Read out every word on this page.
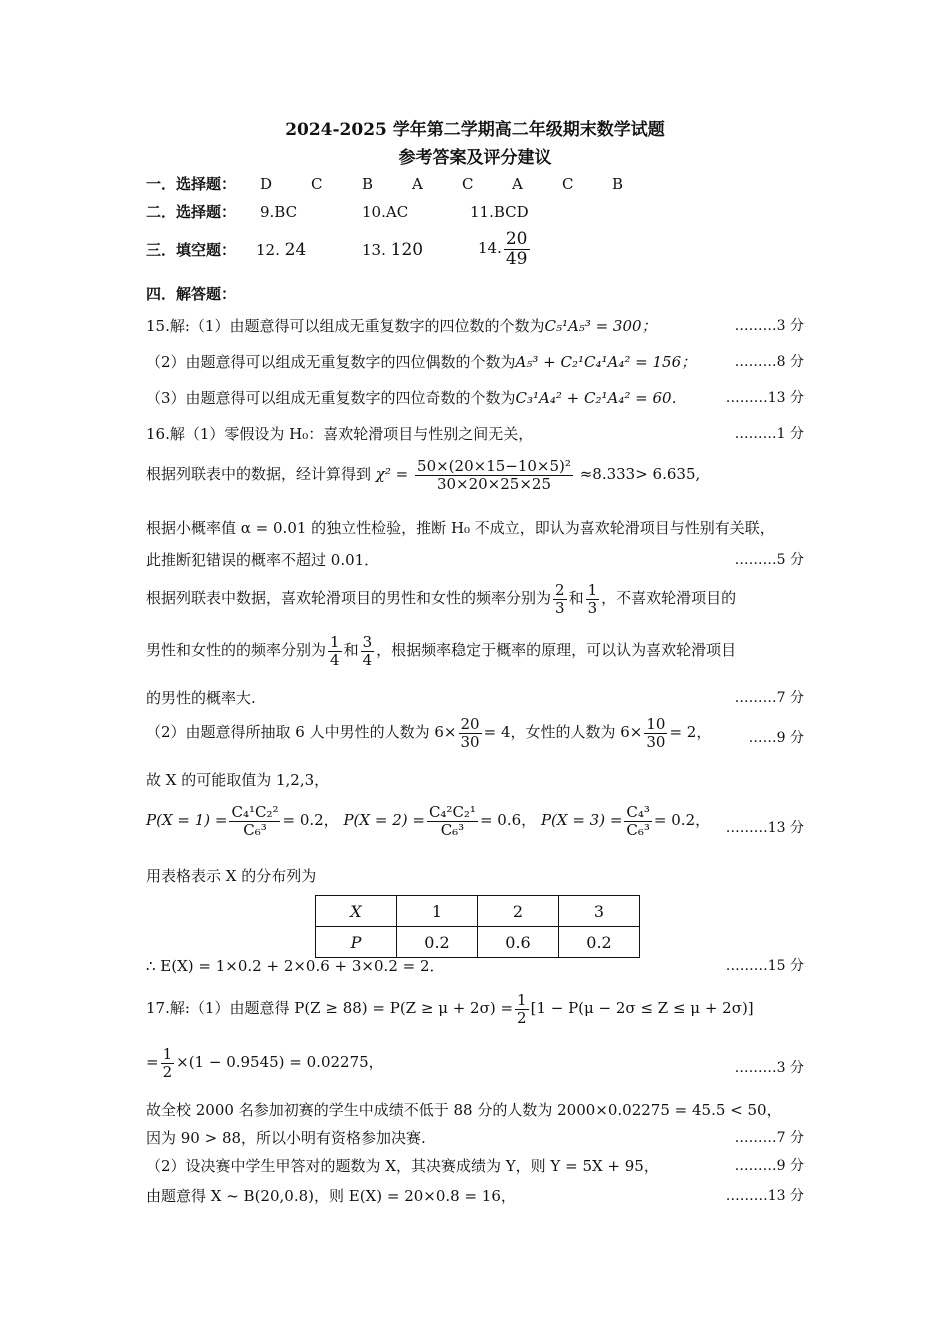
2024-2025 学年第二学期高二年级期末数学试题
参考答案及评分建议
一．选择题： D	C	B	A	C	A	C	B
二．选择题： 9.BC	10.AC	11.BCD
三．填空题： 12. 24	13. 120	14. $\frac{20}{49}$
四．解答题：
15.解:（1）由题意得可以组成无重复数字的四位数的个数为C₅¹A₅³ = 300；	………3 分
（2）由题意得可以组成无重复数字的四位偶数的个数为A₅³ + C₂¹C₄¹A₄² = 156；	………8 分
（3）由题意得可以组成无重复数字的四位奇数的个数为C₃¹A₄² + C₂¹A₄² = 60．	………13 分
16.解（1）零假设为 H₀：喜欢轮滑项目与性别之间无关，	………1 分
根据列联表中的数据，经计算得到 $\chi^2 = \frac{\text{50×(20×15−10×5)²}}{30\times 20\times 25\times 25} \approx 8.333> 6.635$,
根据小概率值 α = 0.01 的独立性检验，推断 H₀ 不成立，即认为喜欢轮滑项目与性别有关联，
此推断犯错误的概率不超过 0.01．	………5 分
根据列联表中数据，喜欢轮滑项目的男性和女性的频率分别为 $\frac{2}{3}$ 和 $\frac{1}{3}$ ，不喜欢轮滑项目的
男性和女性的的频率分别为 $\frac{1}{4}$ 和 $\frac{3}{4}$ ，根据频率稳定于概率的原理，可以认为喜欢轮滑项目
的男性的概率大.	………7 分
（2）由题意得所抽取 6 人中男性的人数为 $6\times \frac{20}{30} = 4$，女性的人数为 $6\times \frac{10}{30} = 2$，	……9 分
故 X 的可能取值为 1,2,3，
$P(X = 1) = \frac{\text{C₄¹C₂²}}{\text{C₆³}} = 0.2$， $P(X = 2) = \frac{\text{C₄²C₂¹}}{\text{C₆³}} = 0.6$， $P(X = 3) = \frac{\text{C₄³}}{\text{C₆³}} = 0.2$， ………13 分
用表格表示 X 的分布列为
X	1	2	3
P	0.2	0.6	0.2
∴ E(X) = 1×0.2 + 2×0.6 + 3×0.2 = 2．	………15 分
17.解:（1）由题意得 $P(Z \ge 88) = P(Z \ge \mu + 2\sigma) = \frac{1}{2} [1 - P(\mu - 2\sigma \le Z \le \mu + 2\sigma)]$
= $\frac{1}{2} \times(1 - 0.9545) = 0.02275$，	………3 分
故全校 2000 名参加初赛的学生中成绩不低于 88 分的人数为 2000×0.02275 = 45.5 < 50，
因为 90 > 88，所以小明有资格参加决赛.	………7 分
（2）设决赛中学生甲答对的题数为 X，其决赛成绩为 Y，则 Y = 5X + 95，	………9 分
由题意得 X ~ B(20,0.8)，则 E(X) = 20×0.8 = 16，	………13 分
